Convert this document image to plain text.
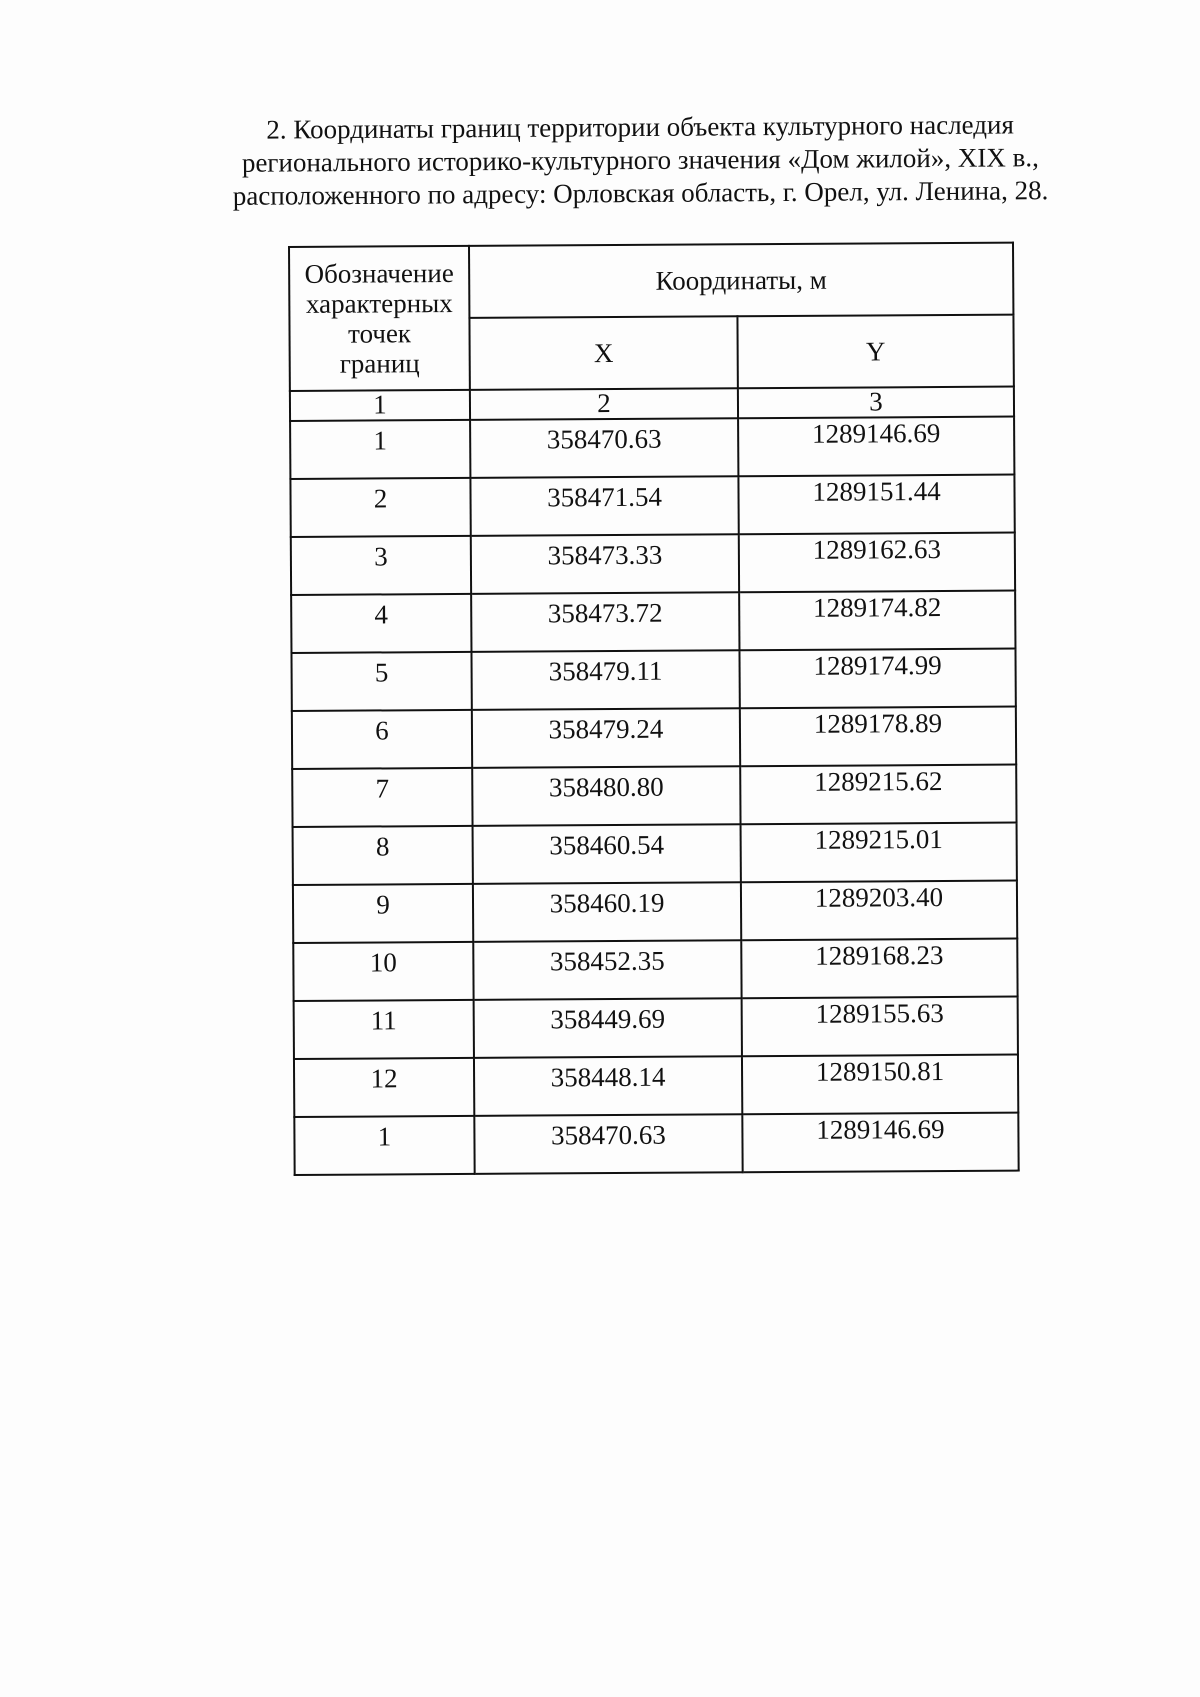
2. Координаты границ территории объекта культурного наследия
регионального историко-культурного значения «Дом жилой», XIX в.,
расположенного по адресу: Орловская область, г. Орел, ул. Ленина, 28.
Обозначение
характерных
точек
границ	Координаты, м	
	X	Y
1	2	3
1	358470.63	1289146.69
2	358471.54	1289151.44
3	358473.33	1289162.63
4	358473.72	1289174.82
5	358479.11	1289174.99
6	358479.24	1289178.89
7	358480.80	1289215.62
8	358460.54	1289215.01
9	358460.19	1289203.40
10	358452.35	1289168.23
11	358449.69	1289155.63
12	358448.14	1289150.81
1	358470.63	1289146.69
